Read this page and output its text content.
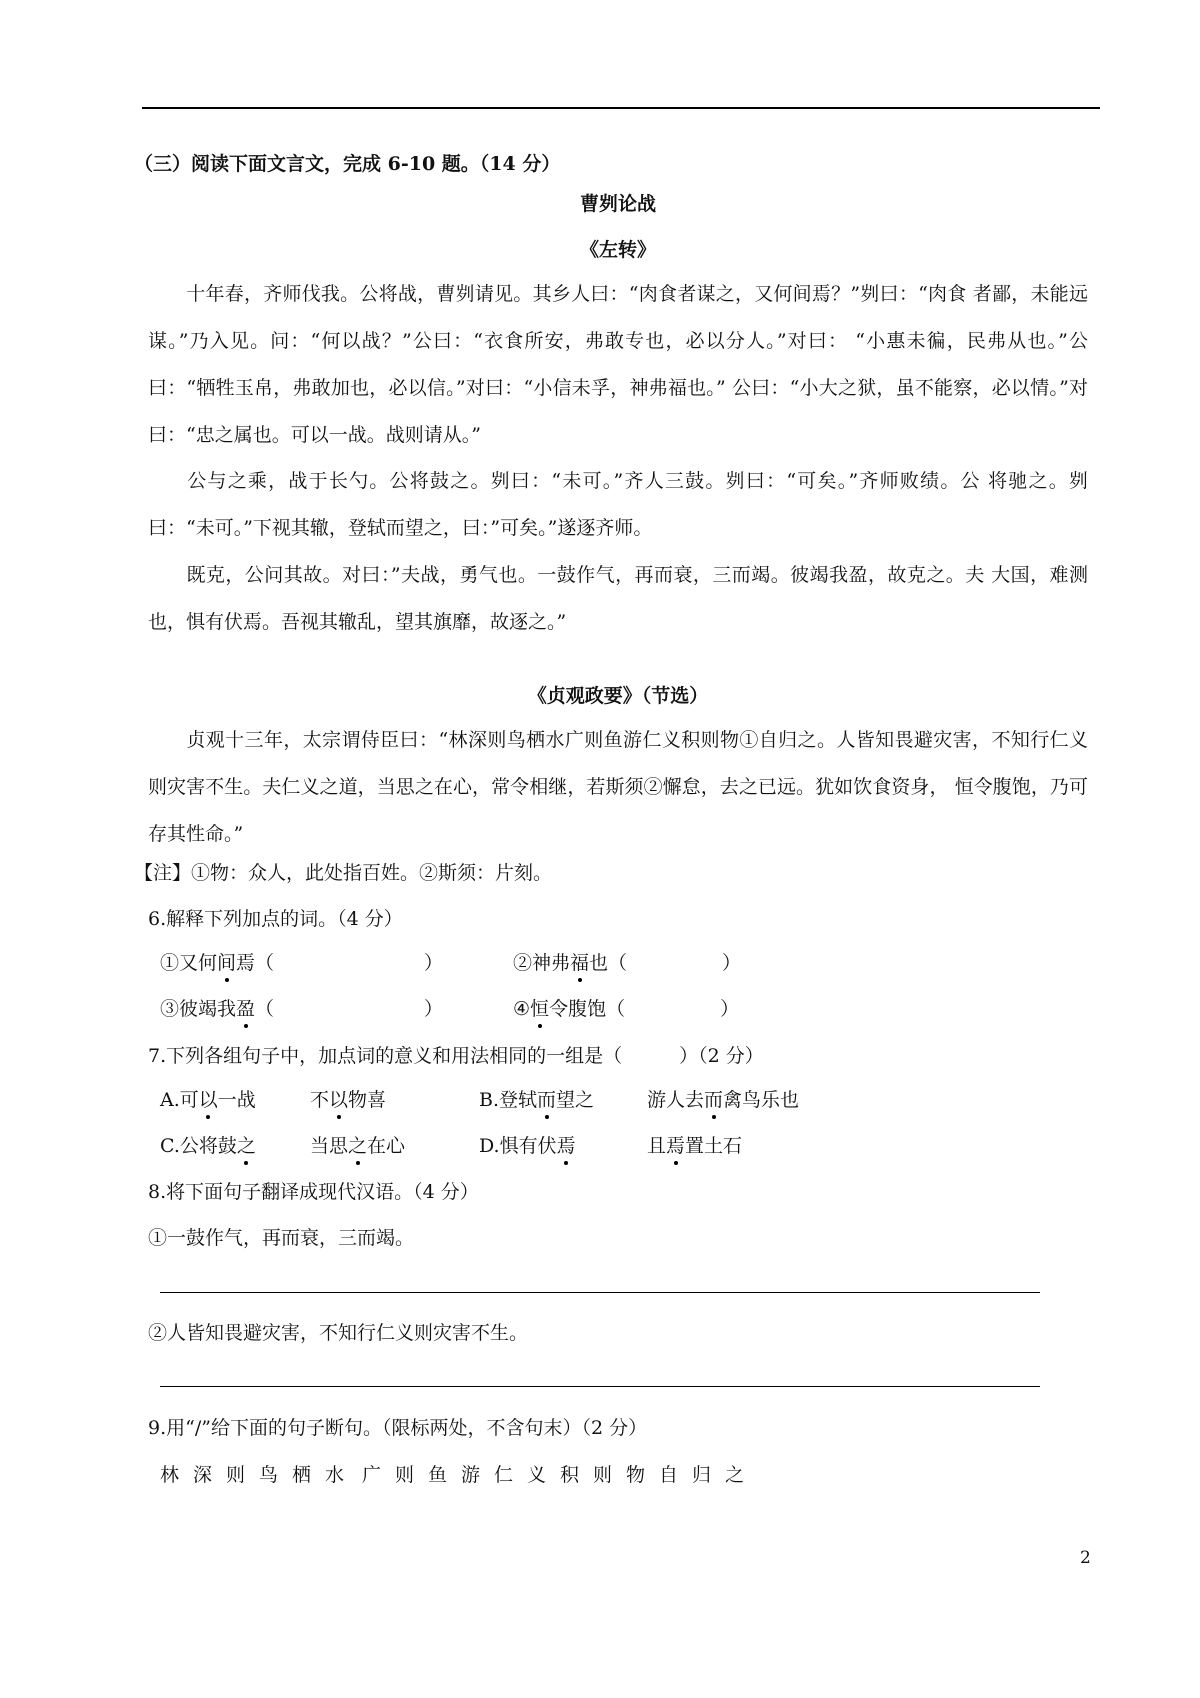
（三）阅读下面文言文，完成 6-10 题。（14 分）
曹刿论战
《左转》
十年春，齐师伐我。公将战，曹刿请见。其乡人曰：“肉食者谋之，又何间焉？”刿曰：“肉食 者鄙，未能远谋。”乃入见。问：“何以战？”公曰：“衣食所安，弗敢专也，必以分人。”对曰： “小惠未徧，民弗从也。”公曰：“牺牲玉帛，弗敢加也，必以信。”对曰：“小信未孚，神弗福也。” 公曰：“小大之狱，虽不能察，必以情。”对曰：“忠之属也。可以一战。战则请从。”
公与之乘，战于长勺。公将鼓之。刿曰：“未可。”齐人三鼓。刿曰：“可矣。”齐师败绩。公 将驰之。刿曰：“未可。”下视其辙，登轼而望之，曰：”可矣。”遂逐齐师。
既克，公问其故。对曰：”夫战，勇气也。一鼓作气，再而衰，三而竭。彼竭我盈，故克之。夫 大国，难测也，惧有伏焉。吾视其辙乱，望其旗靡，故逐之。”
《贞观政要》（节选）
贞观十三年，太宗谓侍臣曰：“林深则鸟栖水广则鱼游仁义积则物①自归之。人皆知畏避灾害，不知行仁义则灾害不生。夫仁义之道，当思之在心，常令相继，若斯须②懈怠，去之已远。犹如饮食资身， 恒令腹饱，乃可存其性命。”
【注】①物：众人，此处指百姓。②斯须：片刻。
6.解释下列加点的词。（4 分）
①又何间焉（	）	②神弗福也（	）
③彼竭我盈（	）	④恒令腹饱（	）
7.下列各组句子中，加点词的意义和用法相同的一组是（　　　）（2 分）
A.可以一战	不以物喜	B.登轼而望之	游人去而禽鸟乐也
C.公将鼓之	当思之在心	D.惧有伏焉	且焉置土石
8.将下面句子翻译成现代汉语。（4 分）
①一鼓作气，再而衰，三而竭。
②人皆知畏避灾害，不知行仁义则灾害不生。
9.用“/”给下面的句子断句。（限标两处，不含句末）（2 分）
林深则鸟栖水 广则鱼游仁义积则物自归之
2
